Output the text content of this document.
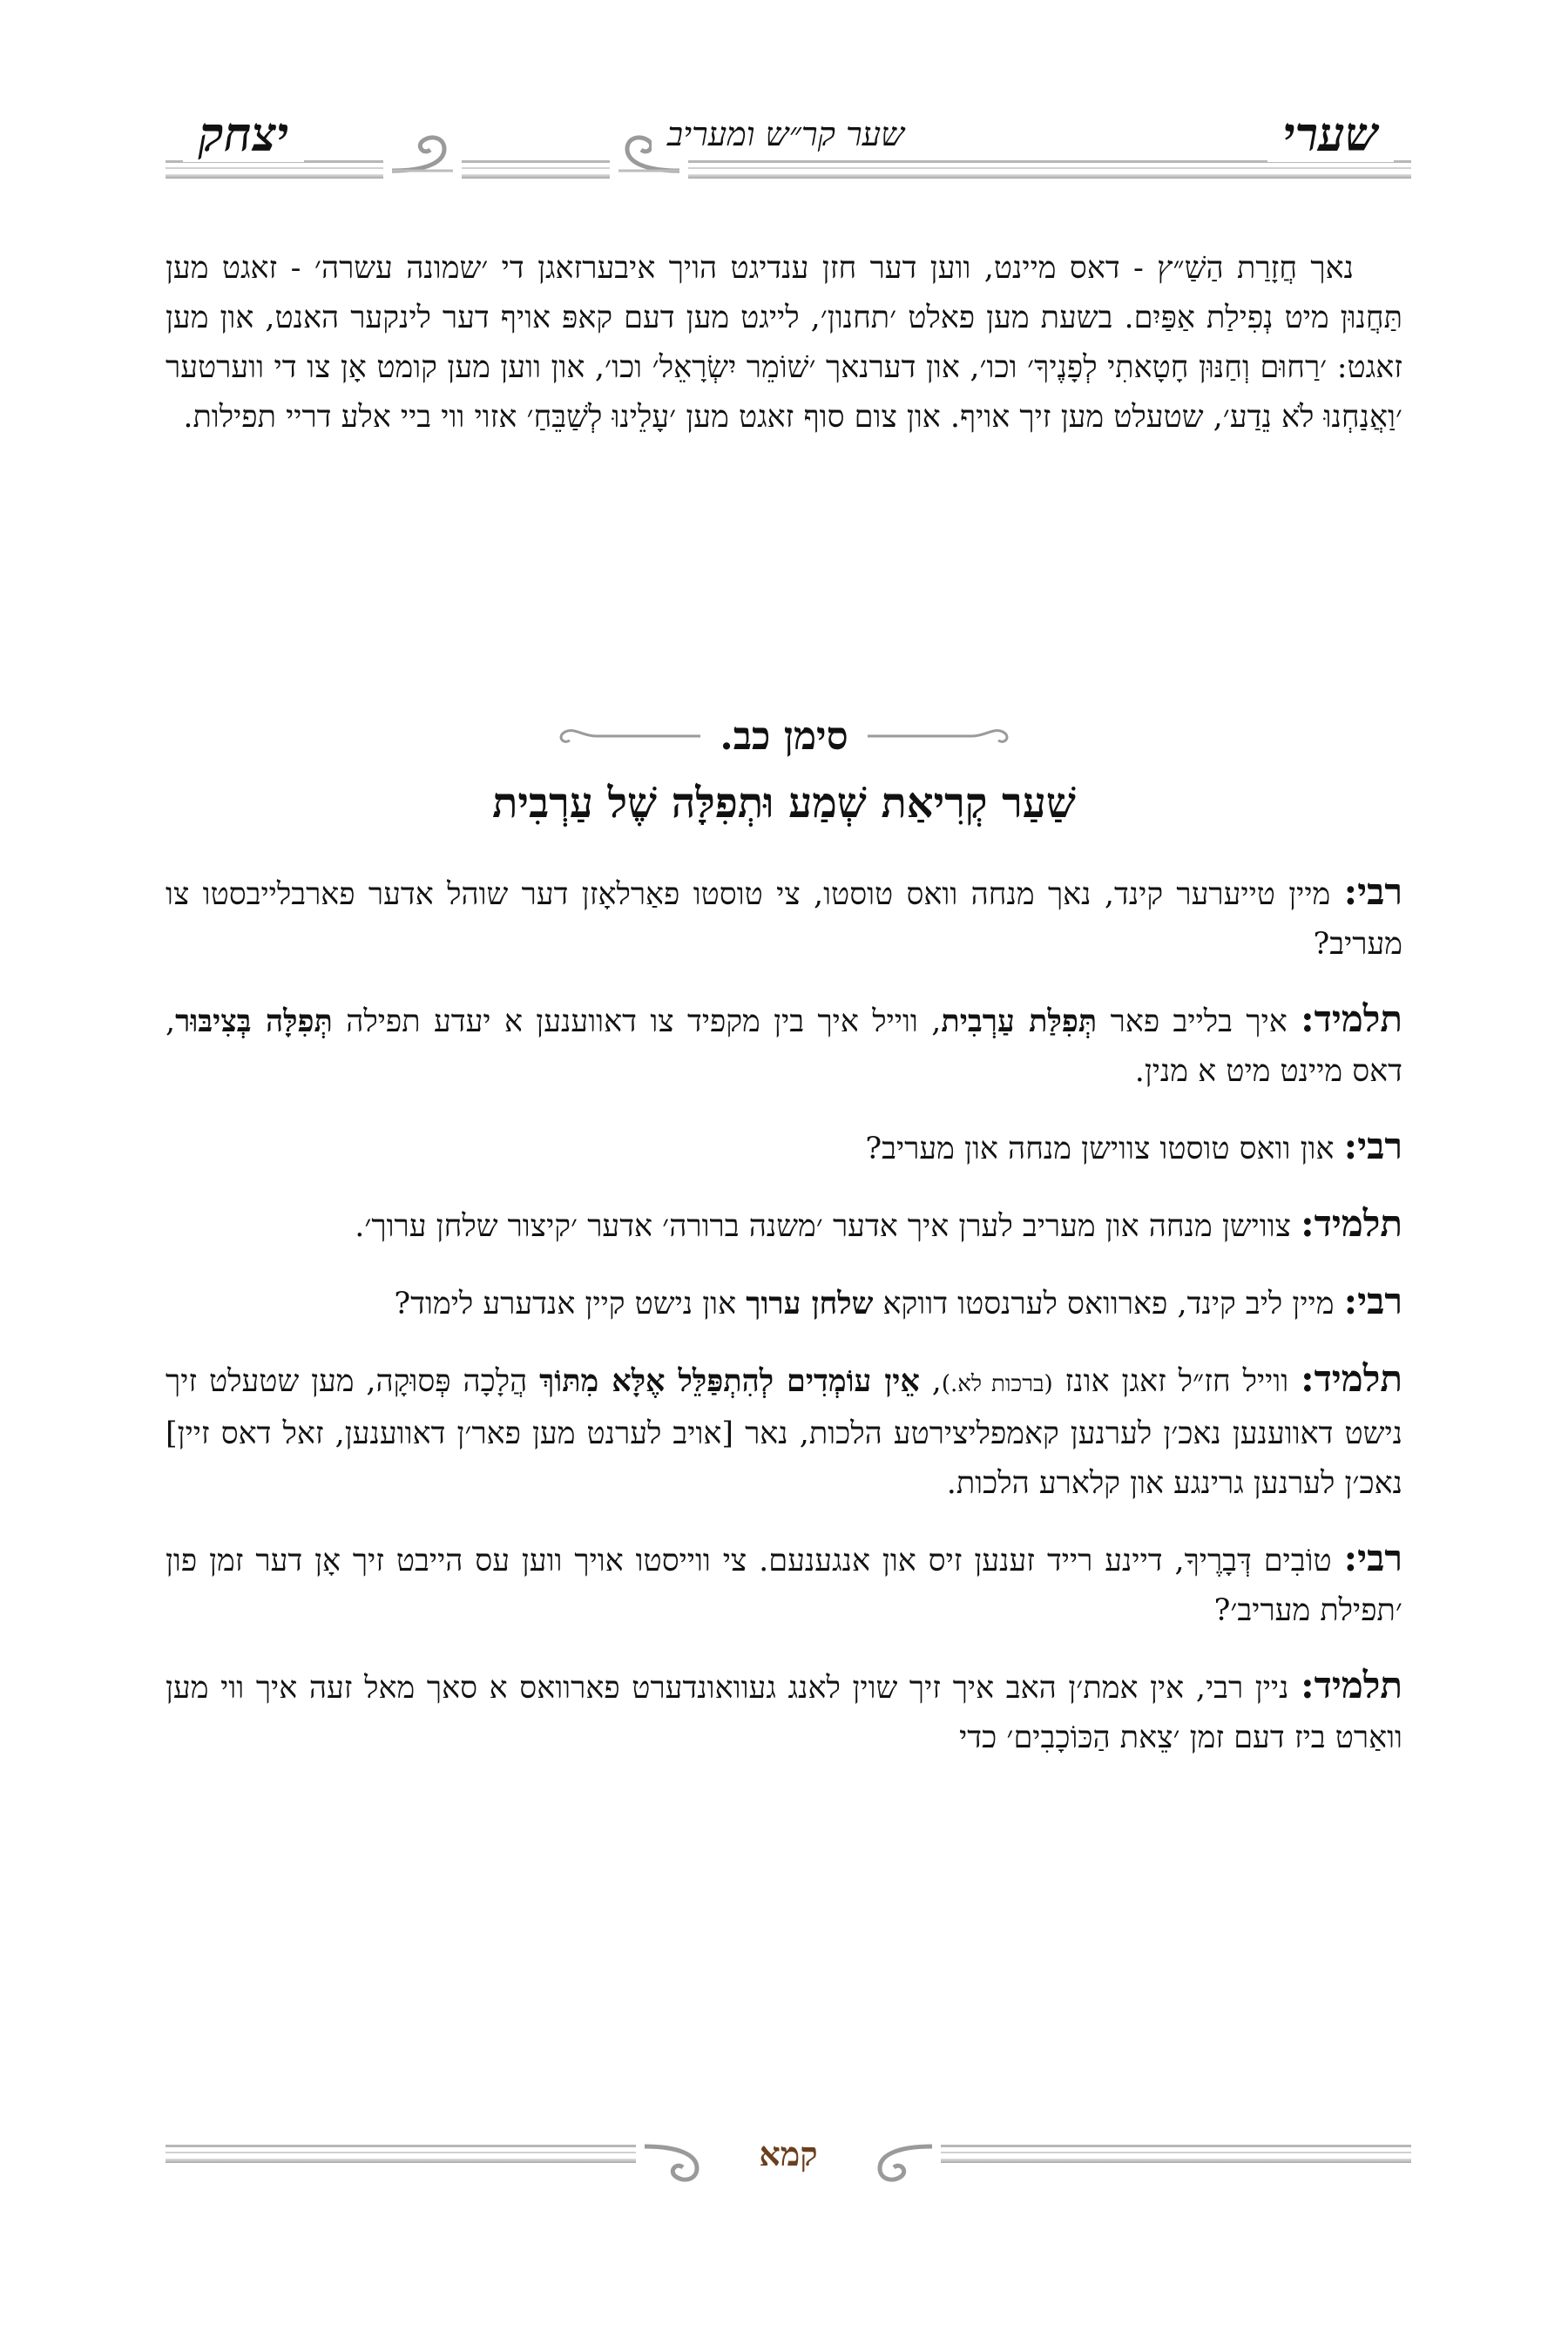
שערי
שער קר״ש ומעריב
יצחק

נאך חֲזָרַת הַשַׁ״ץ - דאס מיינט, ווען דער חזן ענדיגט הויך איבערזאגן די ׳שמונה עשרה׳ - זאגט מען תַּחֲנוּן מיט נְפִילַת אַפַּיִם. בשעת מען פאלט ׳תחנון׳, לייגט מען דעם קאפּ אויף דער לינקער האנט, און מען זאגט: ׳רַחוּם וְחַנּוּן חָטָאתִי לְפָנֶיךָ׳ וכו׳, און דערנאך ׳שׁוֹמֵר יִשְׂרָאֵל׳ וכו׳, און ווען מען קומט אָן צו די ווערטער ׳וַאֲנַחְנוּ לֹא נֵדַע׳, שטעלט מען זיך אויף. און צום סוף זאגט מען ׳עָלֵינוּ לְשַׁבֵּחַ׳ אזוי ווי ביי אלע דריי תפילות.

סימן כב.
שַׁעַר קְרִיאַת שְׁמַע וּתְפִלָּה שֶׁל עַרְבִית

רבי: מיין טייערער קינד, נאך מנחה וואס טוסטו, צי טוסטו פאַרלאָזן דער שוהל אדער פארבלייבסטו צו מעריב?

תלמיד: איך בלייב פאר תְּפִלַּת עַרְבִית, ווייל איך בין מקפיד צו דאווענען א יעדע תפילה תְּפִלָּה בְּצִיבּוּר, דאס מיינט מיט א מנין.

רבי: און וואס טוסטו צווישן מנחה און מעריב?

תלמיד: צווישן מנחה און מעריב לערן איך אדער ׳משנה ברורה׳ אדער ׳קיצור שלחן ערוך׳.

רבי: מיין ליב קינד, פארוואס לערנסטו דווקא שלחן ערוך און נישט קיין אנדערע לימוד?

תלמיד: ווייל חז״ל זאגן אונז (ברכות לא.), אֵין עוֹמְדִים לְהִתְפַּלֵּל אֶלָּא מִתּוֹךְ הֲלָכָה פְּסוּקָה, מען שטעלט זיך נישט דאווענען נאכ׳ן לערנען קאמפליצירטע הלכות, נאר [אויב לערנט מען פאר׳ן דאווענען, זאל דאס זיין] נאכ׳ן לערנען גרינגע און קלארע הלכות.

רבי: טוֹבִים דְּבָרֶיךָ, דיינע רייד זענען זיס און אנגענעם. צי ווייסטו אויך ווען עס הייבט זיך אָן דער זמן פון ׳תפילת מעריב׳?

תלמיד: ניין רבי, אין אמת׳ן האב איך זיך שוין לאנג געוואונדערט פארוואס א סאך מאל זעה איך ווי מען וואַרט ביז דעם זמן ׳צֵאת הַכּוֹכָבִים׳ כדי

קמא
